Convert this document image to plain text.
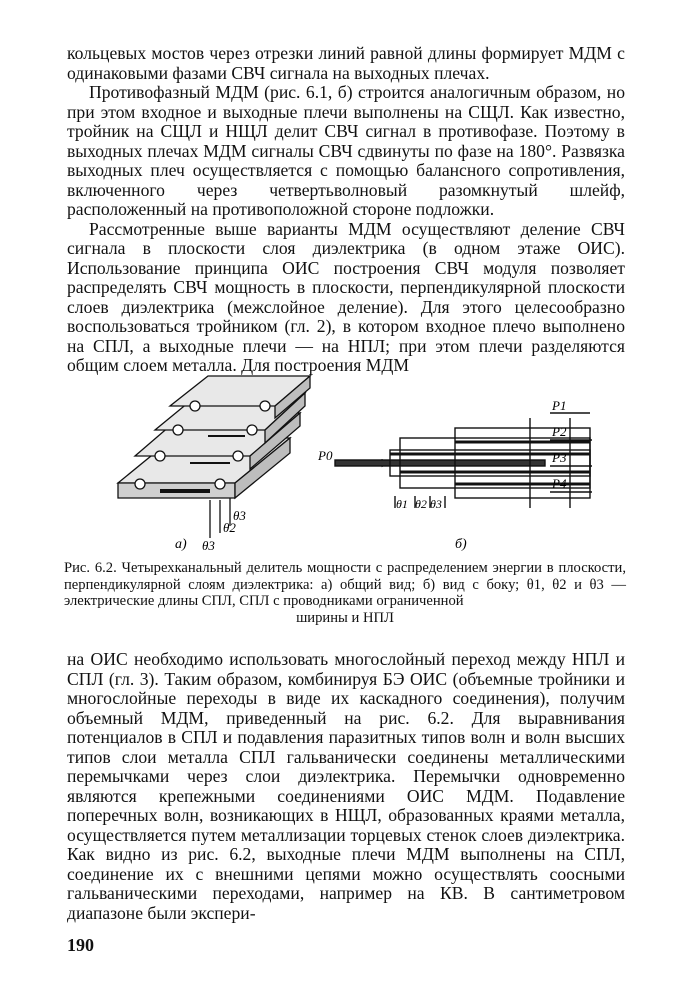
кольцевых мостов через отрезки линий равной длины формирует МДМ с одинаковыми фазами СВЧ сигнала на выходных плечах.

Противофазный МДМ (рис. 6.1, б) строится аналогичным образом, но при этом входное и выходные плечи выполнены на СЩЛ. Как известно, тройник на СЩЛ и НЩЛ делит СВЧ сигнал в противофазе. Поэтому в выходных плечах МДМ сигналы СВЧ сдвинуты по фазе на 180°. Развязка выходных плеч осуществляется с помощью балансного сопротивления, включенного через четвертьволновый разомкнутый шлейф, расположенный на противоположной стороне подложки.

Рассмотренные выше варианты МДМ осуществляют деление СВЧ сигнала в плоскости слоя диэлектрика (в одном этаже ОИС). Использование принципа ОИС построения СВЧ модуля позволяет распределять СВЧ мощность в плоскости, перпендикулярной плоскости слоев диэлектрика (межслойное деление). Для этого целесообразно воспользоваться тройником (гл. 2), в котором входное плечо выполнено на СПЛ, а выходные плечи — на НПЛ; при этом плечи разделяются общим слоем металла. Для построения МДМ

θ3
θ2
θ3
а)
P0
P1
P2
P3
P4
θ1 θ2 θ3
б)
Рис. 6.2. Четырехканальный делитель мощности с распределением энергии в плоскости, перпендикулярной слоям диэлектрика: а) общий вид; б) вид с боку; θ1, θ2 и θ3 — электрические длины СПЛ, СПЛ с проводниками ограниченной
ширины и НПЛ

на ОИС необходимо использовать многослойный переход между НПЛ и СПЛ (гл. 3). Таким образом, комбинируя БЭ ОИС (объемные тройники и многослойные переходы в виде их каскадного соединения), получим объемный МДМ, приведенный на рис. 6.2. Для выравнивания потенциалов в СПЛ и подавления паразитных типов волн и волн высших типов слои металла СПЛ гальванически соединены металлическими перемычками через слои диэлектрика. Перемычки одновременно являются крепежными соединениями ОИС МДМ. Подавление поперечных волн, возникающих в НЩЛ, образованных краями металла, осуществляется путем металлизации торцевых стенок слоев диэлектрика. Как видно из рис. 6.2, выходные плечи МДМ выполнены на СПЛ, соединение их с внешними цепями можно осуществлять соосными гальваническими переходами, например на КВ. В сантиметровом диапазоне были экспери-

190
